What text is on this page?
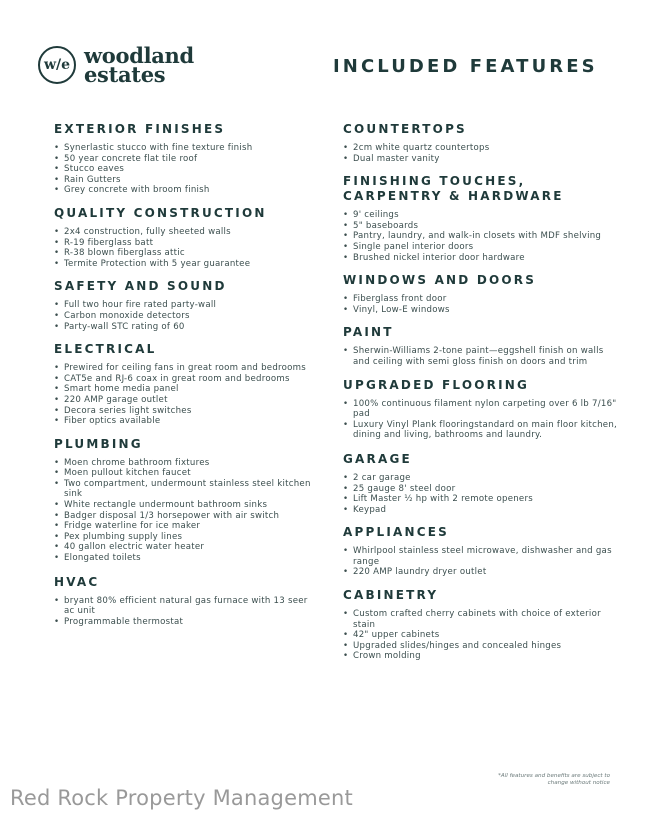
w/e woodland
estates	INCLUDED FEATURES
EXTERIOR FINISHES
• Synerlastic stucco with fine texture finish
• 50 year concrete flat tile roof
• Stucco eaves
• Rain Gutters
• Grey concrete with broom finish
QUALITY CONSTRUCTION
• 2x4 construction, fully sheeted walls
• R-19 fiberglass batt
• R-38 blown fiberglass attic
• Termite Protection with 5 year guarantee
SAFETY AND SOUND
• Full two hour fire rated party-wall
• Carbon monoxide detectors
• Party-wall STC rating of 60
ELECTRICAL
• Prewired for ceiling fans in great room and bedrooms
• CAT5e and RJ-6 coax in great room and bedrooms
• Smart home media panel
• 220 AMP garage outlet
• Decora series light switches
• Fiber optics available
PLUMBING
• Moen chrome bathroom fixtures
• Moen pullout kitchen faucet
• Two compartment, undermount stainless steel kitchen sink
• White rectangle undermount bathroom sinks
• Badger disposal 1/3 horsepower with air switch
• Fridge waterline for ice maker
• Pex plumbing supply lines
• 40 gallon electric water heater
• Elongated toilets
HVAC
• bryant 80% efficient natural gas furnace with 13 seer ac unit
• Programmable thermostat
COUNTERTOPS
• 2cm white quartz countertops
• Dual master vanity
FINISHING TOUCHES, CARPENTRY & HARDWARE
• 9' ceilings
• 5" baseboards
• Pantry, laundry, and walk-in closets with MDF shelving
• Single panel interior doors
• Brushed nickel interior door hardware
WINDOWS AND DOORS
• Fiberglass front door
• Vinyl, Low-E windows
PAINT
• Sherwin-Williams 2-tone paint—eggshell finish on walls and ceiling with semi gloss finish on doors and trim
UPGRADED FLOORING
• 100% continuous filament nylon carpeting over 6 lb 7/16" pad
• Luxury Vinyl Plank flooringstandard on main floor kitchen, dining and living, bathrooms and laundry.
GARAGE
• 2 car garage
• 25 gauge 8' steel door
• Lift Master ½ hp with 2 remote openers
• Keypad
APPLIANCES
• Whirlpool stainless steel microwave, dishwasher and gas range
• 220 AMP laundry dryer outlet
CABINETRY
• Custom crafted cherry cabinets with choice of exterior stain
• 42" upper cabinets
• Upgraded slides/hinges and concealed hinges
• Crown molding
*All features and benefits are subject to change without notice
Red Rock Property Management
